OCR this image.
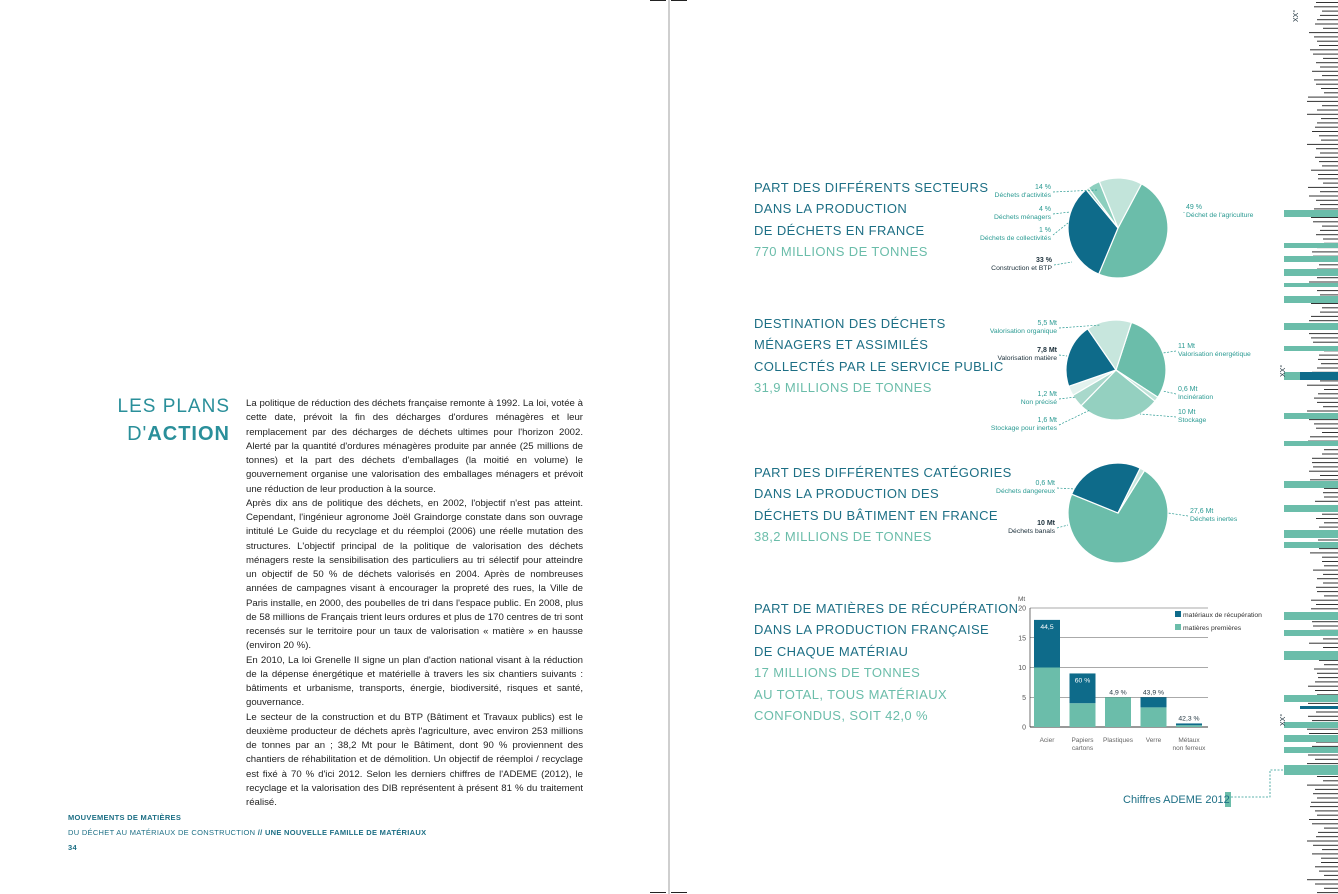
LES PLANS
D'ACTION

La politique de réduction des déchets française remonte à 1992. La loi, votée à cette date, prévoit la fin des décharges d'ordures ménagères et leur remplacement par des décharges de déchets ultimes pour l'horizon 2002. Alerté par la quantité d'ordures ménagères produite par année (25 millions de tonnes) et la part des déchets d'emballages (la moitié en volume) le gouvernement organise une valorisation des emballages ménagers et prévoit une réduction de leur production à la source.

Après dix ans de politique des déchets, en 2002, l'objectif n'est pas atteint. Cependant, l'ingénieur agronome Joël Graindorge constate dans son ouvrage intitulé Le Guide du recyclage et du réemploi (2006) une réelle mutation des structures. L'objectif principal de la politique de valorisation des déchets ménagers reste la sensibilisation des particuliers au tri sélectif pour atteindre un objectif de 50 % de déchets valorisés en 2004. Après de nombreuses années de campagnes visant à encourager la propreté des rues, la Ville de Paris installe, en 2000, des poubelles de tri dans l'espace public. En 2008, plus de 58 millions de Français trient leurs ordures et plus de 170 centres de tri sont recensés sur le territoire pour un taux de valorisation « matière » en hausse (environ 20 %).

En 2010, La loi Grenelle II signe un plan d'action national visant à la réduction de la dépense énergétique et matérielle à travers les six chantiers suivants : bâtiments et urbanisme, transports, énergie, biodiversité, risques et santé, gouvernance.

Le secteur de la construction et du BTP (Bâtiment et Travaux publics) est le deuxième producteur de déchets après l'agriculture, avec environ 253 millions de tonnes par an ; 38,2 Mt pour le Bâtiment, dont 90 % proviennent des chantiers de réhabilitation et de démolition. Un objectif de réemploi / recyclage est fixé à 70 % d'ici 2012. Selon les derniers chiffres de l'ADEME (2012), le recyclage et la valorisation des DIB représentent à présent 81 % du traitement réalisé.

MOUVEMENTS DE MATIÈRES
DU DÉCHET AU MATÉRIAUX DE CONSTRUCTION // UNE NOUVELLE FAMILLE DE MATÉRIAUX
34
PART DES DIFFÉRENTS SECTEURS
DANS LA PRODUCTION
DE DÉCHETS EN FRANCE
770 MILLIONS DE TONNES
DESTINATION DES DÉCHETS
MÉNAGERS ET ASSIMILÉS
COLLECTÉS PAR LE SERVICE PUBLIC
31,9 MILLIONS DE TONNES
PART DES DIFFÉRENTES CATÉGORIES
DANS LA PRODUCTION DES
DÉCHETS DU BÂTIMENT EN FRANCE
38,2 MILLIONS DE TONNES
PART DE MATIÈRES DE RÉCUPÉRATION
DANS LA PRODUCTION FRANÇAISE
DE CHAQUE MATÉRIAU
17 MILLIONS DE TONNES
AU TOTAL, TOUS MATÉRIAUX
CONFONDUS, SOIT 42,0 %
49 %
Déchet de l'agriculture
33 %
Construction et BTP
1 %
Déchets de collectivités
4 %
Déchets ménagers
14 %
Déchets d'activités
11 Mt
Valorisation énergétique
0,6 Mt
Incinération
10 Mt
Stockage
1,6 Mt
Stockage pour inertes
1,2 Mt
Non précisé
7,8 Mt
Valorisation matière
5,5 Mt
Valorisation organique
27,6 Mt
Déchets inertes
10 Mt
Déchets banals
0,6 Mt
Déchets dangereux
0
5
10
15
20
Mt
44,5
Acier
60 %
Papiers
cartons
4,9 %
Plastiques
43,9 %
Verre
42,3 %
Métaux
non ferreux
matériaux de récupération
matières premières
Chiffres ADEME 2012
XX°
XX°
XX°
